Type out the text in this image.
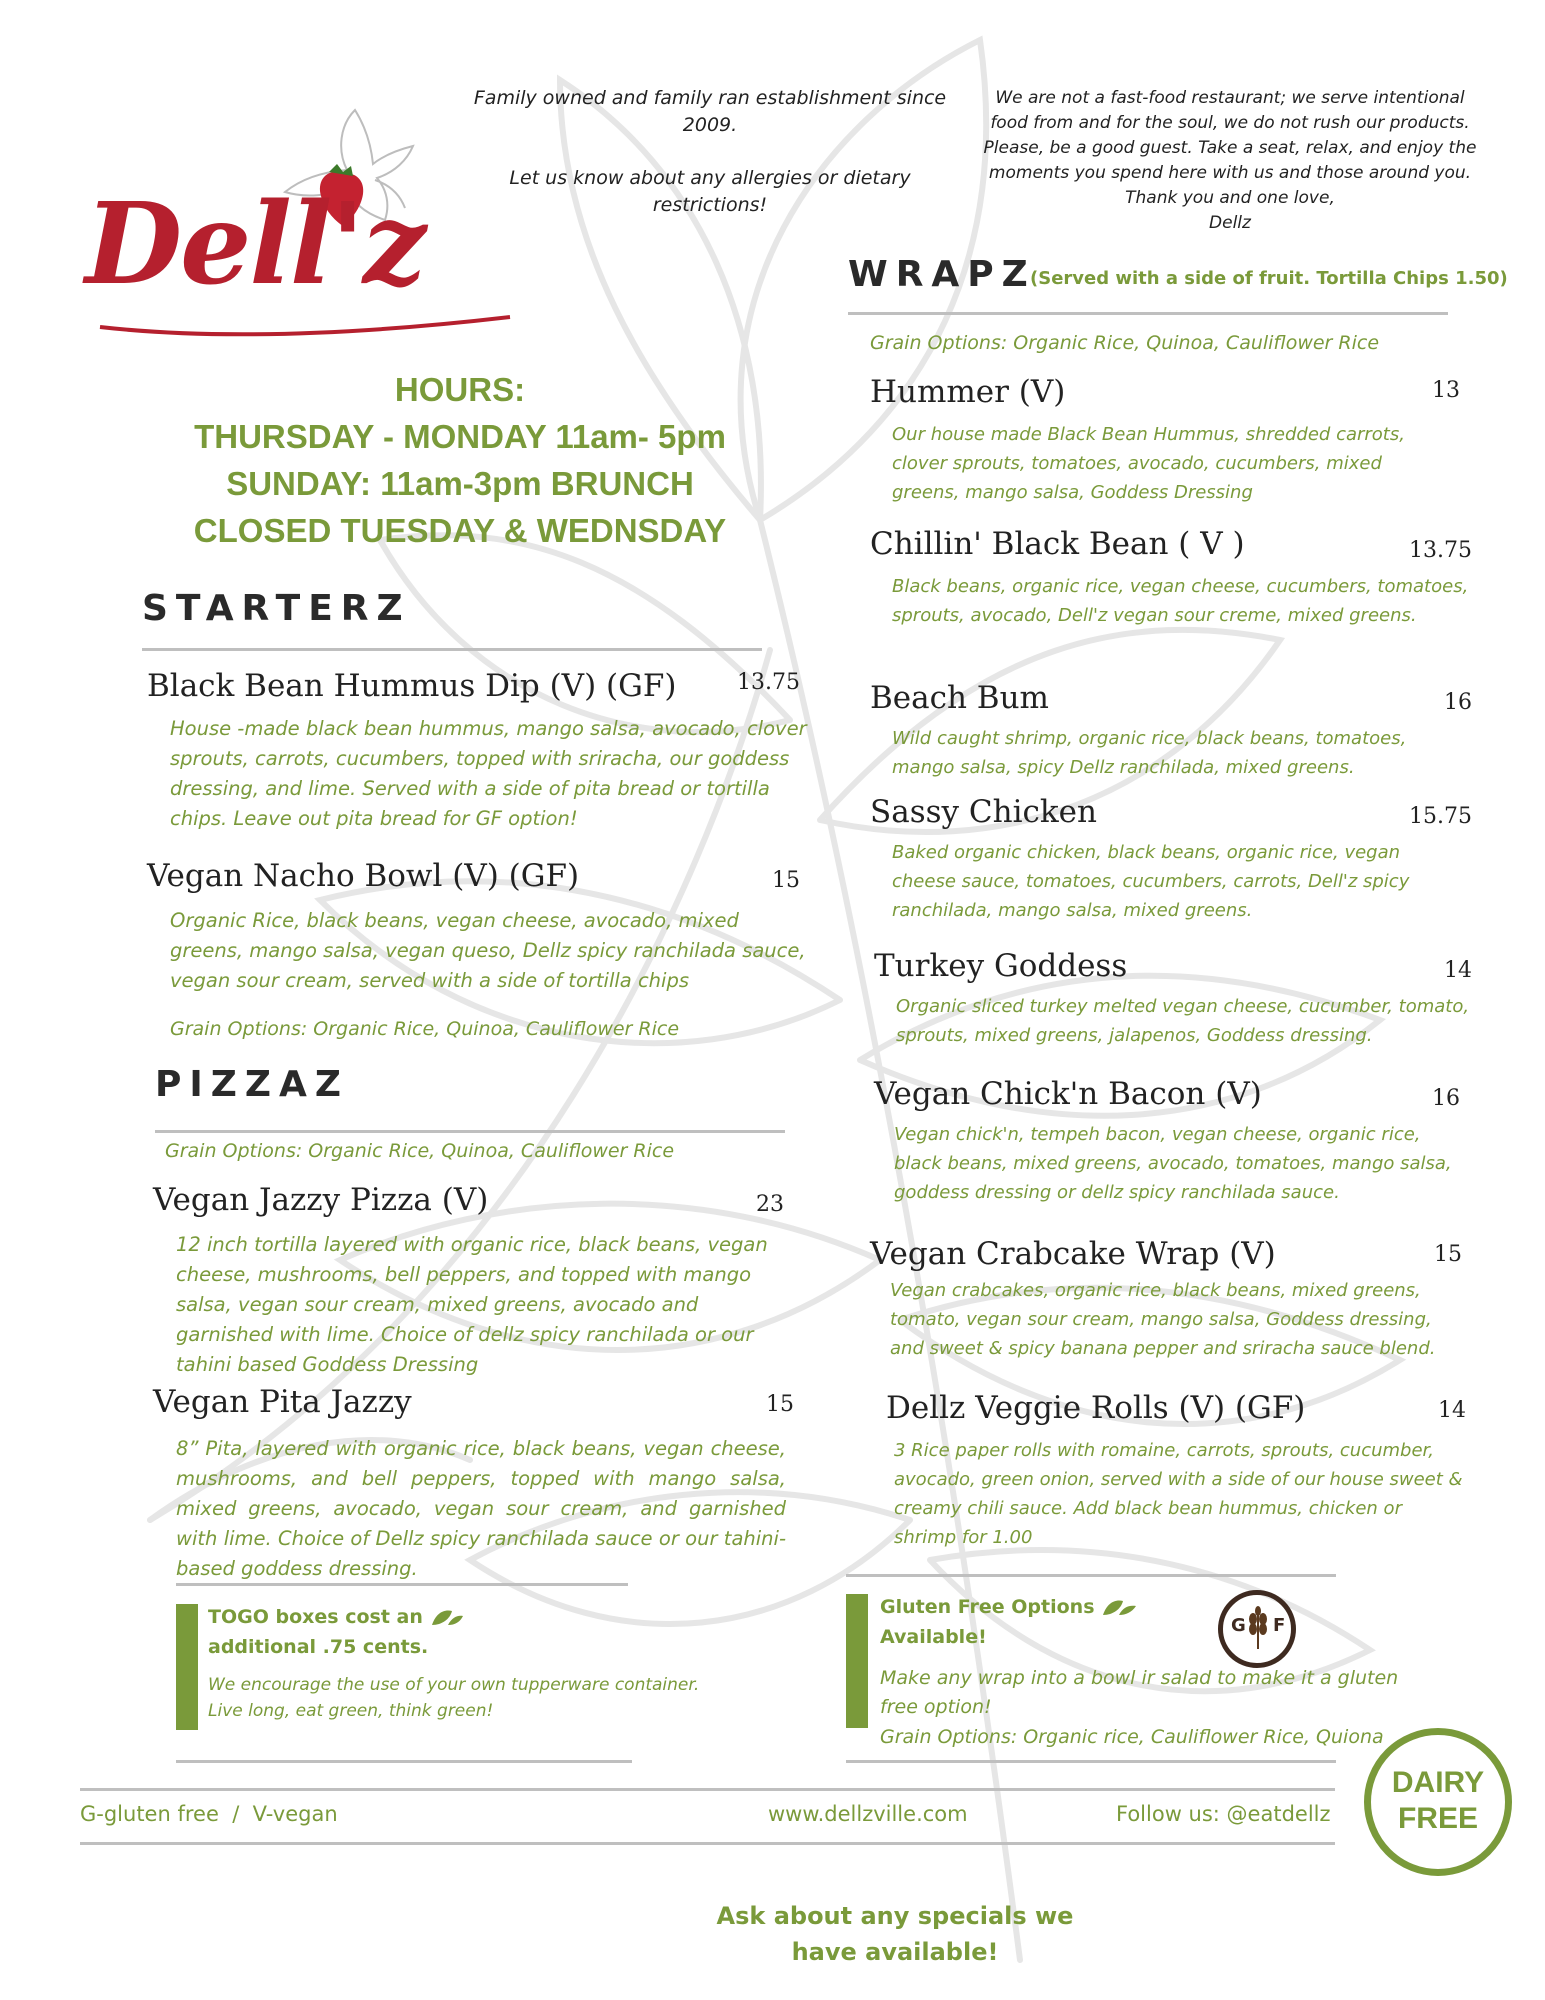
Dell'z
Family owned and family ran establishment since 2009.
Let us know about any allergies or dietary restrictions!
We are not a fast-food restaurant; we serve intentional food from and for the soul, we do not rush our products. Please, be a good guest. Take a seat, relax, and enjoy the moments you spend here with us and those around you. Thank you and one love,
Dellz
HOURS:
THURSDAY - MONDAY 11am- 5pm
SUNDAY: 11am-3pm BRUNCH
CLOSED TUESDAY & WEDNSDAY
STARTERZ
Black Bean Hummus Dip (V) (GF)	13.75
House -made black bean hummus, mango salsa, avocado, clover sprouts, carrots, cucumbers, topped with sriracha, our goddess dressing, and lime. Served with a side of pita bread or tortilla chips. Leave out pita bread for GF option!
Vegan Nacho Bowl (V) (GF)	15
Organic Rice, black beans, vegan cheese, avocado, mixed greens, mango salsa, vegan queso, Dellz spicy ranchilada sauce, vegan sour cream, served with a side of tortilla chips
Grain Options: Organic Rice, Quinoa, Cauliflower Rice
PIZZAZ
Grain Options: Organic Rice, Quinoa, Cauliflower Rice
Vegan Jazzy Pizza (V)	23
12 inch tortilla layered with organic rice, black beans, vegan cheese, mushrooms, bell peppers, and topped with mango salsa, vegan sour cream, mixed greens, avocado and garnished with lime. Choice of dellz spicy ranchilada or our tahini based Goddess Dressing
Vegan Pita Jazzy	15
8” Pita, layered with organic rice, black beans, vegan cheese, mushrooms, and bell peppers, topped with mango salsa, mixed greens, avocado, vegan sour cream, and garnished with lime. Choice of Dellz spicy ranchilada sauce or our tahini-based goddess dressing.
TOGO boxes cost an
additional .75 cents.
We encourage the use of your own tupperware container.
Live long, eat green, think green!
WRAPZ
(Served with a side of fruit. Tortilla Chips 1.50)
Grain Options: Organic Rice, Quinoa, Cauliflower Rice
Hummer (V)	13
Our house made Black Bean Hummus, shredded carrots, clover sprouts, tomatoes, avocado, cucumbers, mixed greens, mango salsa, Goddess Dressing
Chillin' Black Bean ( V )	13.75
Black beans, organic rice, vegan cheese, cucumbers, tomatoes, sprouts, avocado, Dell'z vegan sour creme, mixed greens.
Beach Bum	16
Wild caught shrimp, organic rice, black beans, tomatoes, mango salsa, spicy Dellz ranchilada, mixed greens.
Sassy Chicken	15.75
Baked organic chicken, black beans, organic rice, vegan cheese sauce, tomatoes, cucumbers, carrots, Dell'z spicy ranchilada, mango salsa, mixed greens.
Turkey Goddess	14
Organic sliced turkey melted vegan cheese, cucumber, tomato, sprouts, mixed greens, jalapenos, Goddess dressing.
Vegan Chick'n Bacon (V)	16
Vegan chick'n, tempeh bacon, vegan cheese, organic rice, black beans, mixed greens, avocado, tomatoes, mango salsa, goddess dressing or dellz spicy ranchilada sauce.
Vegan Crabcake Wrap (V)	15
Vegan crabcakes, organic rice, black beans, mixed greens, tomato, vegan sour cream, mango salsa, Goddess dressing, and sweet & spicy banana pepper and sriracha sauce blend.
Dellz Veggie Rolls (V) (GF)	14
3 Rice paper rolls with romaine, carrots, sprouts, cucumber, avocado, green onion, served with a side of our house sweet & creamy chili sauce. Add black bean hummus, chicken or shrimp for 1.00
Gluten Free Options
Available!
G F
Make any wrap into a bowl ir salad to make it a gluten free option!
Grain Options: Organic rice, Cauliflower Rice, Quiona
G-gluten free  /  V-vegan	www.dellzville.com	Follow us: @eatdellz
DAIRY
FREE
Ask about any specials we
have available!
